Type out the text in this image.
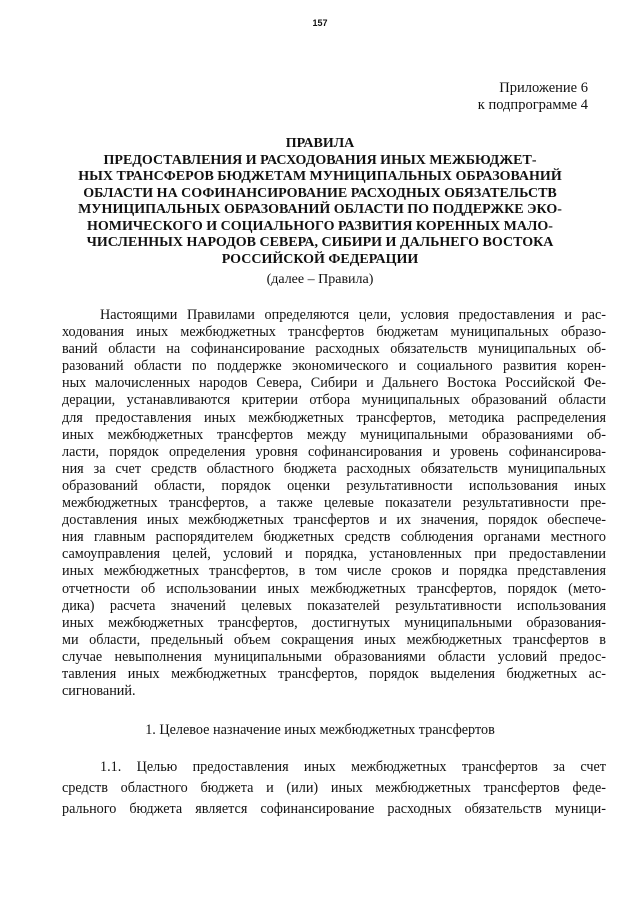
157
Приложение 6
к подпрограмме 4
ПРАВИЛА
ПРЕДОСТАВЛЕНИЯ И РАСХОДОВАНИЯ ИНЫХ МЕЖБЮДЖЕТ-
НЫХ ТРАНСФЕРОВ БЮДЖЕТАМ МУНИЦИПАЛЬНЫХ ОБРАЗОВАНИЙ
ОБЛАСТИ НА СОФИНАНСИРОВАНИЕ РАСХОДНЫХ ОБЯЗАТЕЛЬСТВ
МУНИЦИПАЛЬНЫХ ОБРАЗОВАНИЙ ОБЛАСТИ ПО ПОДДЕРЖКЕ ЭКО-
НОМИЧЕСКОГО И СОЦИАЛЬНОГО РАЗВИТИЯ КОРЕННЫХ МАЛО-
ЧИСЛЕННЫХ НАРОДОВ СЕВЕРА, СИБИРИ И ДАЛЬНЕГО ВОСТОКА
РОССИЙСКОЙ ФЕДЕРАЦИИ
(далее – Правила)
Настоящими Правилами определяются цели, условия предоставления и рас-
ходования иных межбюджетных трансфертов бюджетам муниципальных образо-
ваний области на софинансирование расходных обязательств муниципальных об-
разований области по поддержке экономического и социального развития корен-
ных малочисленных народов Севера, Сибири и Дальнего Востока Российской Фе-
дерации, устанавливаются критерии отбора муниципальных образований области
для предоставления иных межбюджетных трансфертов, методика распределения
иных межбюджетных трансфертов между муниципальными образованиями об-
ласти, порядок определения уровня софинансирования и уровень софинансирова-
ния за счет средств областного бюджета расходных обязательств муниципальных
образований области, порядок оценки результативности использования иных
межбюджетных трансфертов, а также целевые показатели результативности пре-
доставления иных межбюджетных трансфертов и их значения, порядок обеспече-
ния главным распорядителем бюджетных средств соблюдения органами местного
самоуправления целей, условий и порядка, установленных при предоставлении
иных межбюджетных трансфертов, в том числе сроков и порядка представления
отчетности об использовании иных межбюджетных трансфертов, порядок (мето-
дика) расчета значений целевых показателей результативности использования
иных межбюджетных трансфертов, достигнутых муниципальными образования-
ми области, предельный объем сокращения иных межбюджетных трансфертов в
случае невыполнения муниципальными образованиями области условий предос-
тавления иных межбюджетных трансфертов, порядок выделения бюджетных ас-
сигнований.
1. Целевое назначение иных межбюджетных трансфертов
1.1. Целью предоставления иных межбюджетных трансфертов за счет
средств областного бюджета и (или) иных межбюджетных трансфертов феде-
рального бюджета является софинансирование расходных обязательств муници-
